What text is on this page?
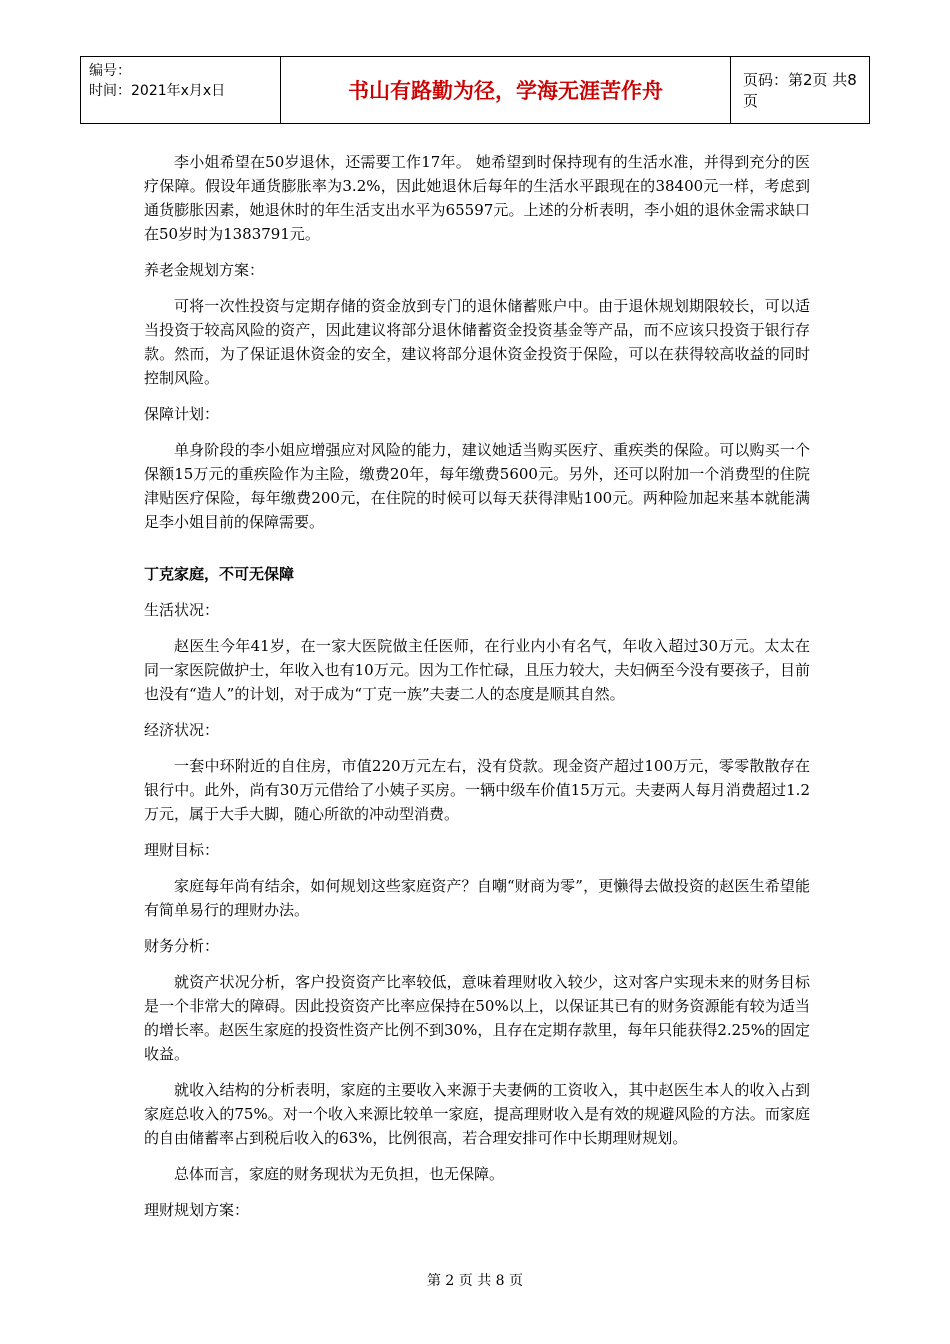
编号：
时间：2021年x月x日	书山有路勤为径，学海无涯苦作舟	页码：第2页 共8页

李小姐希望在50岁退休，还需要工作17年。 她希望到时保持现有的生活水准，并得到充分的医疗保障。假设年通货膨胀率为3.2%，因此她退休后每年的生活水平跟现在的38400元一样，考虑到通货膨胀因素，她退休时的年生活支出水平为65597元。上述的分析表明，李小姐的退休金需求缺口在50岁时为1383791元。

养老金规划方案：

可将一次性投资与定期存储的资金放到专门的退休储蓄账户中。由于退休规划期限较长，可以适当投资于较高风险的资产，因此建议将部分退休储蓄资金投资基金等产品，而不应该只投资于银行存款。然而，为了保证退休资金的安全，建议将部分退休资金投资于保险，可以在获得较高收益的同时控制风险。

保障计划：

单身阶段的李小姐应增强应对风险的能力，建议她适当购买医疗、重疾类的保险。可以购买一个保额15万元的重疾险作为主险，缴费20年，每年缴费5600元。另外，还可以附加一个消费型的住院津贴医疗保险，每年缴费200元，在住院的时候可以每天获得津贴100元。两种险加起来基本就能满足李小姐目前的保障需要。

丁克家庭，不可无保障

生活状况：

赵医生今年41岁，在一家大医院做主任医师，在行业内小有名气，年收入超过30万元。太太在同一家医院做护士，年收入也有10万元。因为工作忙碌，且压力较大，夫妇俩至今没有要孩子，目前也没有“造人”的计划，对于成为“丁克一族”夫妻二人的态度是顺其自然。

经济状况：

一套中环附近的自住房，市值220万元左右，没有贷款。现金资产超过100万元，零零散散存在银行中。此外，尚有30万元借给了小姨子买房。一辆中级车价值15万元。夫妻两人每月消费超过1.2万元，属于大手大脚，随心所欲的冲动型消费。

理财目标：

家庭每年尚有结余，如何规划这些家庭资产？自嘲“财商为零”，更懒得去做投资的赵医生希望能有简单易行的理财办法。

财务分析：

就资产状况分析，客户投资资产比率较低，意味着理财收入较少，这对客户实现未来的财务目标是一个非常大的障碍。因此投资资产比率应保持在50%以上，以保证其已有的财务资源能有较为适当的增长率。赵医生家庭的投资性资产比例不到30%，且存在定期存款里，每年只能获得2.25%的固定收益。

就收入结构的分析表明，家庭的主要收入来源于夫妻俩的工资收入，其中赵医生本人的收入占到家庭总收入的75%。对一个收入来源比较单一家庭，提高理财收入是有效的规避风险的方法。而家庭的自由储蓄率占到税后收入的63%，比例很高，若合理安排可作中长期理财规划。

总体而言，家庭的财务现状为无负担，也无保障。

理财规划方案：

第 2 页 共 8 页
